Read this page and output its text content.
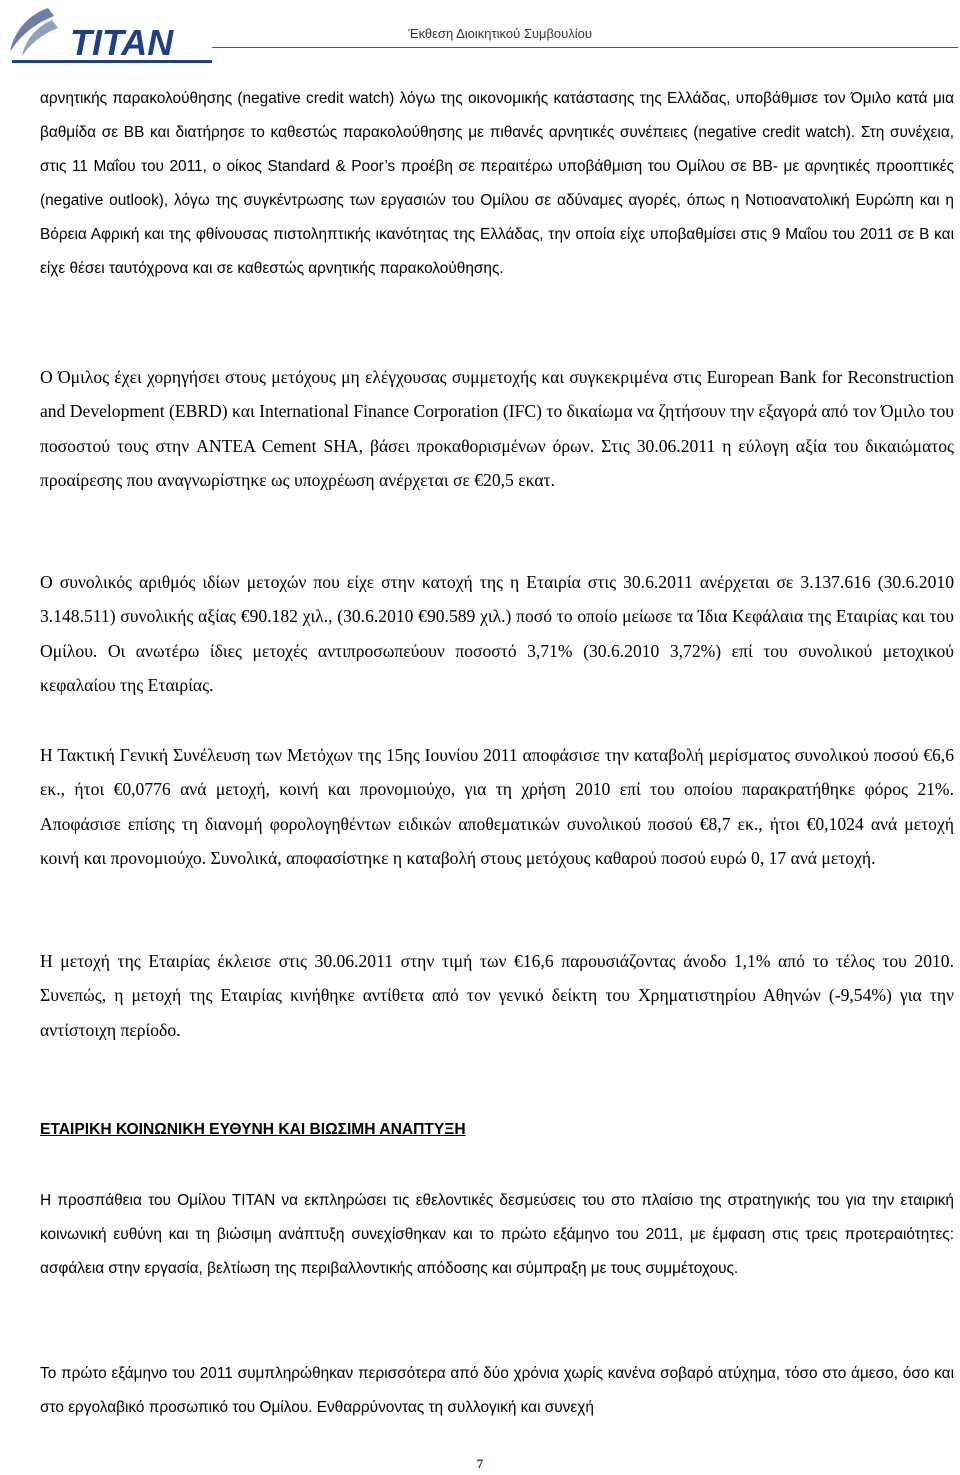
TITAN	Έκθεση Διοικητικού Συμβουλίου

αρνητικής παρακολούθησης (negative credit watch) λόγω της οικονομικής κατάστασης της Ελλάδας, υποβάθμισε τον Όμιλο κατά μια βαθμίδα σε BB και διατήρησε το καθεστώς παρακολούθησης με πιθανές αρνητικές συνέπειες (negative credit watch). Στη συνέχεια, στις 11 Μαΐου του 2011, ο οίκος Standard & Poor’s προέβη σε περαιτέρω υποβάθμιση του Ομίλου σε BB- με αρνητικές προοπτικές (negative outlook), λόγω της συγκέντρωσης των εργασιών του Ομίλου σε αδύναμες αγορές, όπως η Νοτιοανατολική Ευρώπη και η Βόρεια Αφρική και της φθίνουσας πιστοληπτικής ικανότητας της Ελλάδας, την οποία είχε υποβαθμίσει στις 9 Μαΐου του 2011 σε B και είχε θέσει ταυτόχρονα και σε καθεστώς αρνητικής παρακολούθησης.

Ο Όμιλος έχει χορηγήσει στους μετόχους μη ελέγχουσας συμμετοχής και συγκεκριμένα στις European Bank for Reconstruction and Development (EBRD) και International Finance Corporation (IFC) το δικαίωμα να ζητήσουν την εξαγορά από τον Όμιλο του ποσοστού τους στην ANTEA Cement SHA, βάσει προκαθορισμένων όρων. Στις 30.06.2011 η εύλογη αξία του δικαιώματος προαίρεσης που αναγνωρίστηκε ως υποχρέωση ανέρχεται σε €20,5 εκατ.

Ο συνολικός αριθμός ιδίων μετοχών που είχε στην κατοχή της η Εταιρία στις 30.6.2011 ανέρχεται σε 3.137.616 (30.6.2010 3.148.511) συνολικής αξίας €90.182 χιλ., (30.6.2010 €90.589 χιλ.) ποσό το οποίο μείωσε τα Ίδια Κεφάλαια της Εταιρίας και του Ομίλου. Οι ανωτέρω ίδιες μετοχές αντιπροσωπεύουν ποσοστό 3,71% (30.6.2010 3,72%) επί του συνολικού μετοχικού κεφαλαίου της Εταιρίας.

Η Τακτική Γενική Συνέλευση των Μετόχων της 15ης Ιουνίου 2011 αποφάσισε την καταβολή μερίσματος συνολικού ποσού €6,6 εκ., ήτοι €0,0776 ανά μετοχή, κοινή και προνομιούχο, για τη χρήση 2010 επί του οποίου παρακρατήθηκε φόρος 21%. Αποφάσισε επίσης τη διανομή φορολογηθέντων ειδικών αποθεματικών συνολικού ποσού €8,7 εκ., ήτοι €0,1024 ανά μετοχή κοινή και προνομιούχο. Συνολικά, αποφασίστηκε η καταβολή στους μετόχους καθαρού ποσού ευρώ 0, 17 ανά μετοχή.

Η μετοχή της Εταιρίας έκλεισε στις 30.06.2011 στην τιμή των €16,6 παρουσιάζοντας άνοδο 1,1% από το τέλος του 2010. Συνεπώς, η μετοχή της Εταιρίας κινήθηκε αντίθετα από τον γενικό δείκτη του Χρηματιστηρίου Αθηνών (-9,54%) για την αντίστοιχη περίοδο.

ΕΤΑΙΡΙΚΗ ΚΟΙΝΩΝΙΚΗ ΕΥΘΥΝΗ ΚΑΙ ΒΙΩΣΙΜΗ ΑΝΑΠΤΥΞΗ

Η προσπάθεια του Ομίλου ΤΙΤΑΝ να εκπληρώσει τις εθελοντικές δεσμεύσεις του στο πλαίσιο της στρατηγικής του για την εταιρική κοινωνική ευθύνη και τη βιώσιμη ανάπτυξη συνεχίσθηκαν και το πρώτο εξάμηνο του 2011, με έμφαση στις τρεις προτεραιότητες: ασφάλεια στην εργασία, βελτίωση της περιβαλλοντικής απόδοσης και σύμπραξη με τους συμμέτοχους.

Το πρώτο εξάμηνο του 2011 συμπληρώθηκαν περισσότερα από δύο χρόνια χωρίς κανένα σοβαρό ατύχημα, τόσο στο άμεσο, όσο και στο εργολαβικό προσωπικό του Ομίλου. Ενθαρρύνοντας τη συλλογική και συνεχή

7
